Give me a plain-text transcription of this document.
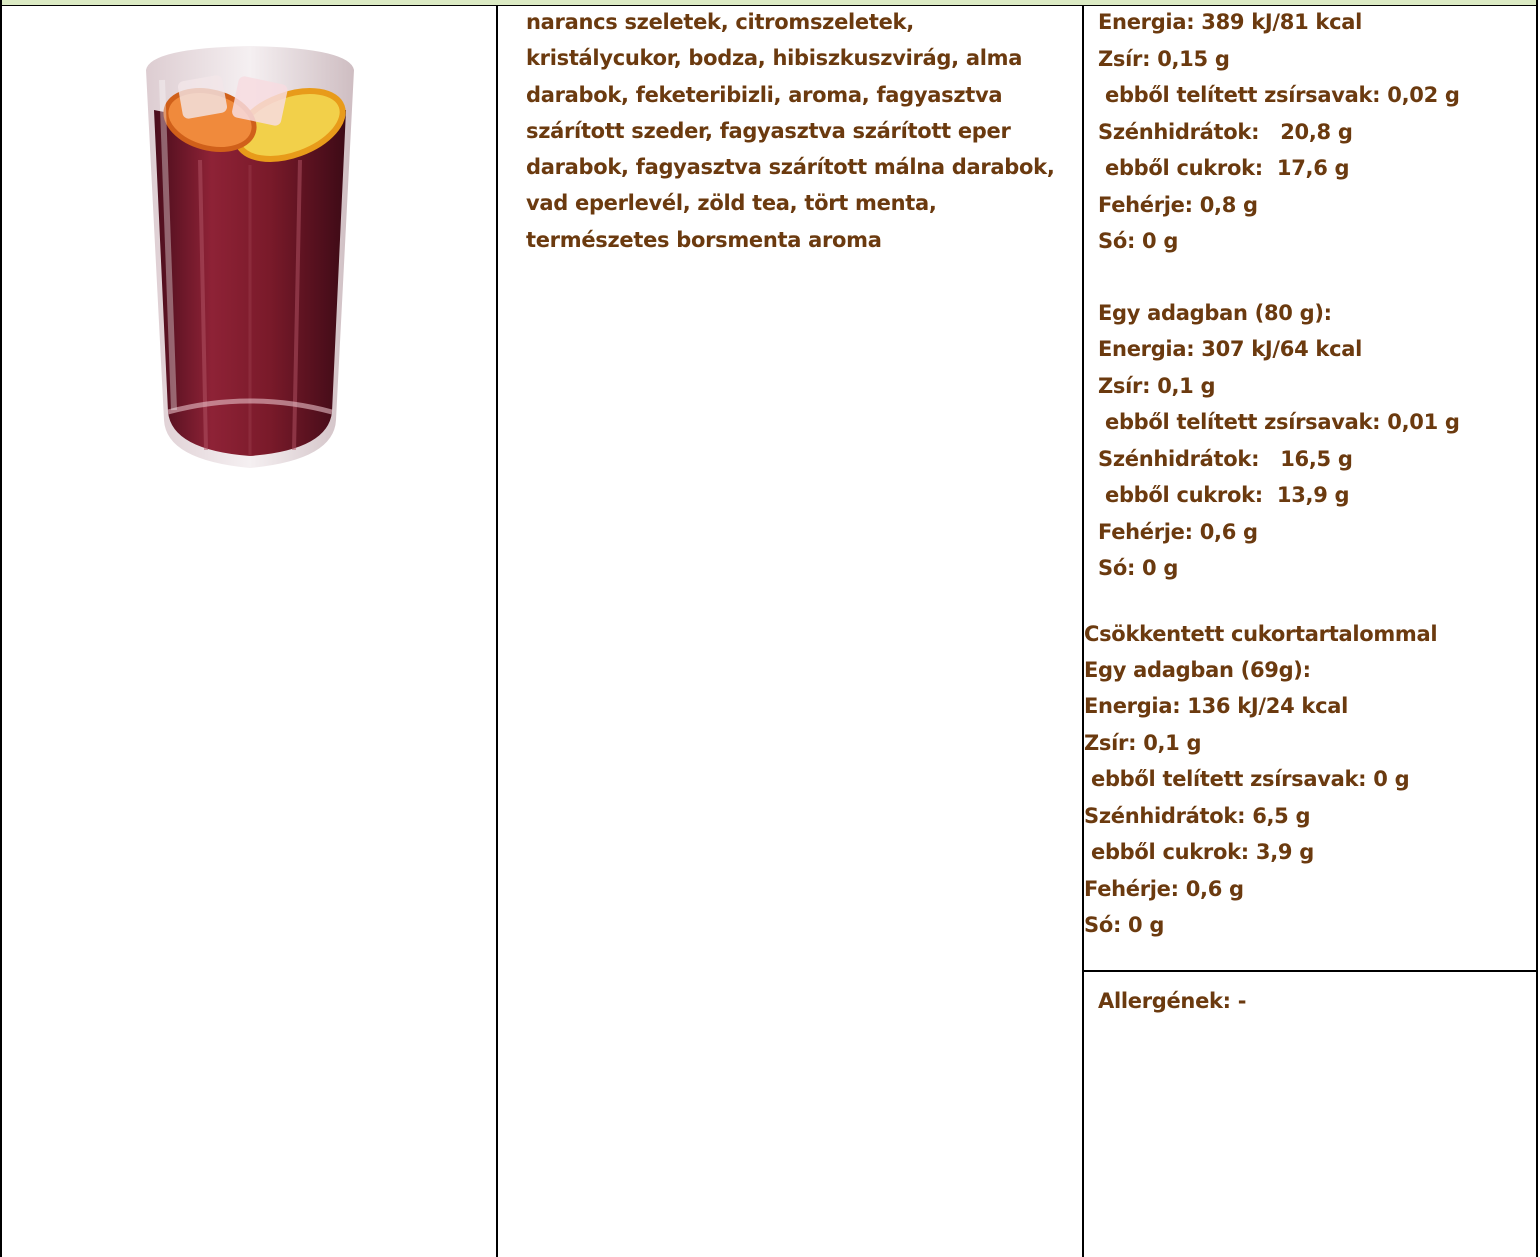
narancs szeletek, citromszeletek, kristálycukor, bodza, hibiszkuszvirág, alma darabok, feketeribizli, aroma, fagyasztva szárított szeder, fagyasztva szárított eper darabok, fagyasztva szárított málna darabok, vad eperlevél, zöld tea, tört menta, természetes borsmenta aroma
Energia: 389 kJ/81 kcal
Zsír: 0,15 g
ebből telített zsírsavak: 0,02 g
Szénhidrátok:   20,8 g
ebből cukrok:  17,6 g
Fehérje: 0,8 g
Só: 0 g
Egy adagban (80 g):
Energia: 307 kJ/64 kcal
Zsír: 0,1 g
ebből telített zsírsavak: 0,01 g
Szénhidrátok:   16,5 g
ebből cukrok:  13,9 g
Fehérje: 0,6 g
Só: 0 g
Csökkentett cukortartalommal
Egy adagban (69g):
Energia: 136 kJ/24 kcal
Zsír: 0,1 g
ebből telített zsírsavak: 0 g
Szénhidrátok: 6,5 g
ebből cukrok: 3,9 g
Fehérje: 0,6 g
Só: 0 g
Allergének: -
